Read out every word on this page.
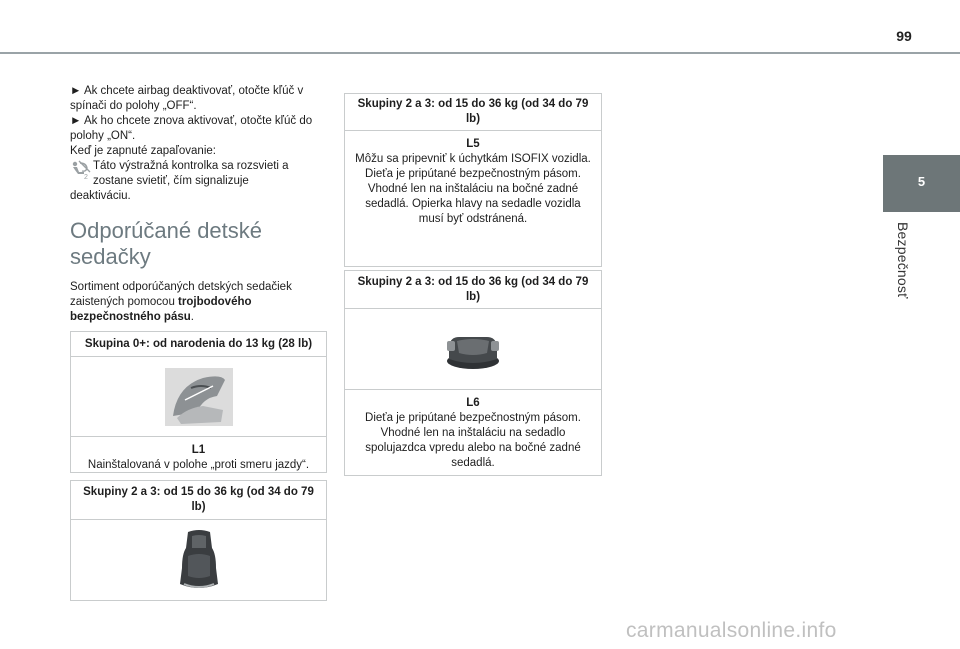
99
5
Bezpečnosť

► Ak chcete airbag deaktivovať, otočte kľúč v spínači do polohy „OFF“.

► Ak ho chcete znova aktivovať, otočte kľúč do polohy „ON“.

Keď je zapnuté zapaľovanie:

2
Táto výstražná kontrolka sa rozsvieti a zostane svietiť, čím signalizuje

deaktiváciu.

Odporúčané detské sedačky

Sortiment odporúčaných detských sedačiek zaistených pomocou trojbodového bezpečnostného pásu.

Skupina 0+: od narodenia do 13 kg (28 lb)
L1
Nainštalovaná v polohe „proti smeru jazdy“.
Skupiny 2 a 3: od 15 do 36 kg (od 34 do 79 lb)
Skupiny 2 a 3: od 15 do 36 kg (od 34 do 79 lb)
L5
Môžu sa pripevniť k úchytkám ISOFIX vozidla. Dieťa je pripútané bezpečnostným pásom. Vhodné len na inštaláciu na bočné zadné sedadlá. Opierka hlavy na sedadle vozidla musí byť odstránená.
Skupiny 2 a 3: od 15 do 36 kg (od 34 do 79 lb)
L6
Dieťa je pripútané bezpečnostným pásom. Vhodné len na inštaláciu na sedadlo spolujazdca vpredu alebo na bočné zadné sedadlá.
carmanualsonline.info
